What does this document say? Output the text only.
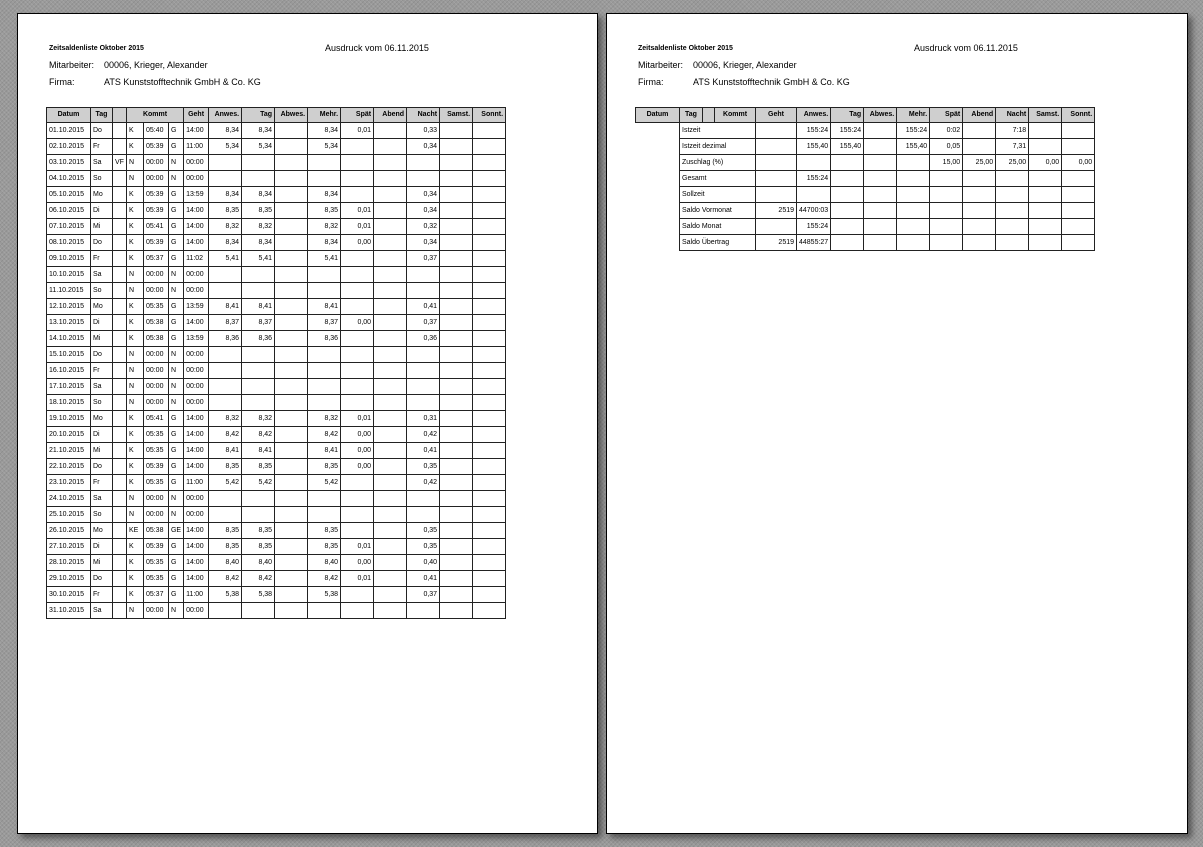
Zeitsaldenliste Oktober 2015	Ausdruck vom 06.11.2015
Mitarbeiter: 00006, Krieger, Alexander
Firma:	ATS Kunststofftechnik GmbH & Co. KG
Datum	Tag		Kommt			Geht	Anwes.	Tag	Abwes.	Mehr.	Spät	Abend	Nacht	Samst.	Sonnt.
01.10.2015	Do		K	05:40	G	14:00	8,34	8,34		8,34	0,01		0,33		
02.10.2015	Fr		K	05:39	G	11:00	5,34	5,34		5,34			0,34		
03.10.2015	Sa	VF	N	00:00	N	00:00									
04.10.2015	So		N	00:00	N	00:00									
05.10.2015	Mo		K	05:39	G	13:59	8,34	8,34		8,34			0,34		
06.10.2015	Di		K	05:39	G	14:00	8,35	8,35		8,35	0,01		0,34		
07.10.2015	Mi		K	05:41	G	14:00	8,32	8,32		8,32	0,01		0,32		
08.10.2015	Do		K	05:39	G	14:00	8,34	8,34		8,34	0,00		0,34		
09.10.2015	Fr		K	05:37	G	11:02	5,41	5,41		5,41			0,37		
10.10.2015	Sa		N	00:00	N	00:00									
11.10.2015	So		N	00:00	N	00:00									
12.10.2015	Mo		K	05:35	G	13:59	8,41	8,41		8,41			0,41		
13.10.2015	Di		K	05:38	G	14:00	8,37	8,37		8,37	0,00		0,37		
14.10.2015	Mi		K	05:38	G	13:59	8,36	8,36		8,36			0,36		
15.10.2015	Do		N	00:00	N	00:00									
16.10.2015	Fr		N	00:00	N	00:00									
17.10.2015	Sa		N	00:00	N	00:00									
18.10.2015	So		N	00:00	N	00:00									
19.10.2015	Mo		K	05:41	G	14:00	8,32	8,32		8,32	0,01		0,31		
20.10.2015	Di		K	05:35	G	14:00	8,42	8,42		8,42	0,00		0,42		
21.10.2015	Mi		K	05:35	G	14:00	8,41	8,41		8,41	0,00		0,41		
22.10.2015	Do		K	05:39	G	14:00	8,35	8,35		8,35	0,00		0,35		
23.10.2015	Fr		K	05:35	G	11:00	5,42	5,42		5,42			0,42		
24.10.2015	Sa		N	00:00	N	00:00									
25.10.2015	So		N	00:00	N	00:00									
26.10.2015	Mo		KE	05:38	GE	14:00	8,35	8,35		8,35			0,35		
27.10.2015	Di		K	05:39	G	14:00	8,35	8,35		8,35	0,01		0,35		
28.10.2015	Mi		K	05:35	G	14:00	8,40	8,40		8,40	0,00		0,40		
29.10.2015	Do		K	05:35	G	14:00	8,42	8,42		8,42	0,01		0,41		
30.10.2015	Fr		K	05:37	G	11:00	5,38	5,38		5,38			0,37		
31.10.2015	Sa		N	00:00	N	00:00									
Zeitsaldenliste Oktober 2015	Ausdruck vom 06.11.2015
Mitarbeiter: 00006, Krieger, Alexander
Firma:	ATS Kunststofftechnik GmbH & Co. KG
Datum	Tag		Kommt	Geht	Anwes.	Tag	Abwes.	Mehr.	Spät	Abend	Nacht	Samst.	Sonnt.
	Istzeit				155:24	155:24		155:24	0:02		7:18		
	Istzeit dezimal				155,40	155,40		155,40	0,05		7,31		
	Zuschlag (%)								15,00	25,00	25,00	0,00	0,00
	Gesamt				155:24								
	Sollzeit												
	Saldo Vormonat			2519	44700:03								
	Saldo Monat				155:24								
	Saldo Übertrag			2519	44855:27								
